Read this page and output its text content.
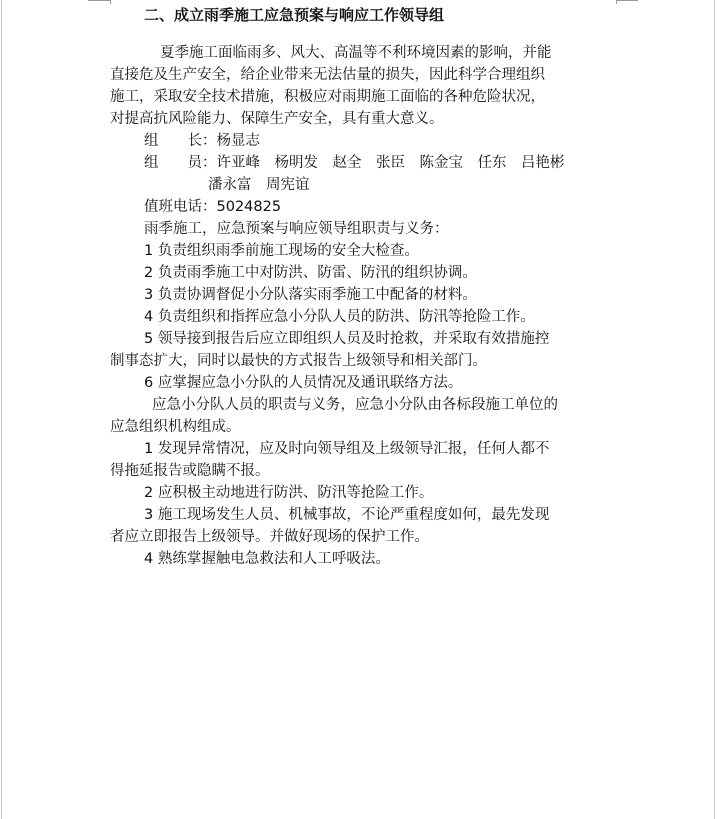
二、成立雨季施工应急预案与响应工作领导组

夏季施工面临雨多、风大、高温等不利环境因素的影响，并能

直接危及生产安全，给企业带来无法估量的损失，因此科学合理组织

施工，采取安全技术措施，积极应对雨期施工面临的各种危险状况，

对提高抗风险能力、保障生产安全，具有重大意义。

组　　长：杨显志

组　　员：许亚峰　杨明发　赵全　张臣　陈金宝　任东　吕艳彬

潘永富　周宪谊

值班电话：5024825

雨季施工，应急预案与响应领导组职责与义务：

1 负责组织雨季前施工现场的安全大检查。

2 负责雨季施工中对防洪、防雷、防汛的组织协调。

3 负责协调督促小分队落实雨季施工中配备的材料。

4 负责组织和指挥应急小分队人员的防洪、防汛等抢险工作。

5 领导接到报告后应立即组织人员及时抢救，并采取有效措施控

制事态扩大，同时以最快的方式报告上级领导和相关部门。

6 应掌握应急小分队的人员情况及通讯联络方法。

应急小分队人员的职责与义务，应急小分队由各标段施工单位的

应急组织机构组成。

1 发现异常情况，应及时向领导组及上级领导汇报，任何人都不

得拖延报告或隐瞒不报。

2 应积极主动地进行防洪、防汛等抢险工作。

3 施工现场发生人员、机械事故，不论严重程度如何，最先发现

者应立即报告上级领导。并做好现场的保护工作。

4 熟练掌握触电急救法和人工呼吸法。
